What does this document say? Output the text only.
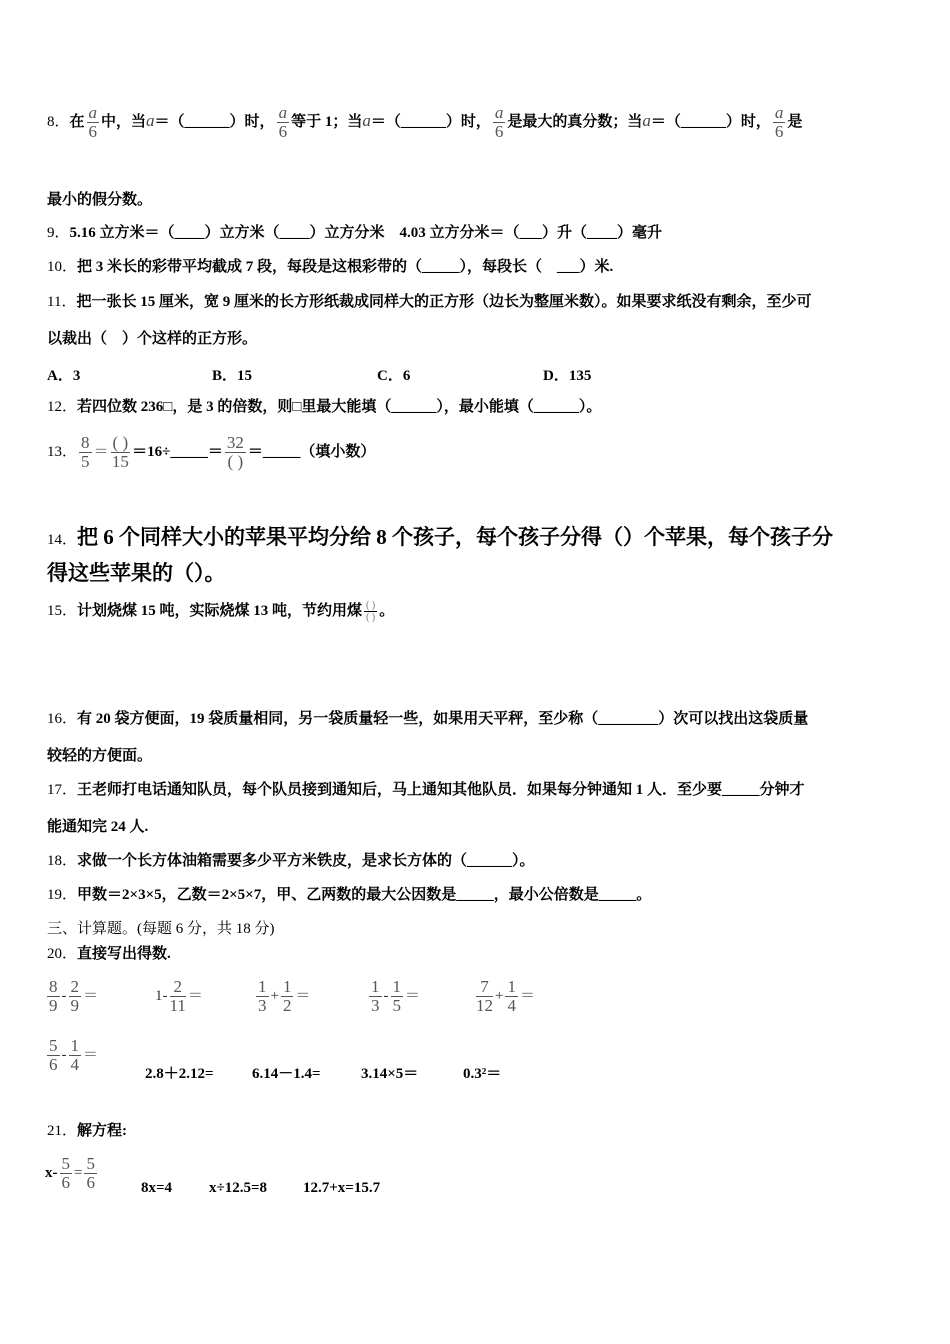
8．在 $\frac{a}{6}$ 中，当a＝（______）时， $\frac{a}{6}$ 等于 1；当a＝（______）时， $\frac{a}{6}$ 是最大的真分数；当a＝（______）时， $\frac{a}{6}$ 是
最小的假分数。
9．5.16 立方米＝（____）立方米（____）立方分米　4.03 立方分米＝（___）升（____）毫升
10．把 3 米长的彩带平均截成 7 段，每段是这根彩带的（_____），每段长（　___）米.
11．把一张长 15 厘米，宽 9 厘米的长方形纸裁成同样大的正方形（边长为整厘米数）。如果要求纸没有剩余，至少可
以裁出（　）个这样的正方形。
A．3	B．15	C．6	D．135
12．若四位数 236□，是 3 的倍数，则□里最大能填（______），最小能填（______）。
13． $\frac{8}{5}$ ＝ ( )
15
＝16÷_____＝ 32
( )
＝_____（填小数）
14．把 6 个同样大小的苹果平均分给 8 个孩子，每个孩子分得（）个苹果，每个孩子分
得这些苹果的（）。
15．计划烧煤 15 吨，实际烧煤 13 吨，节约用煤 ( )
( ) 。
16．有 20 袋方便面，19 袋质量相同，另一袋质量轻一些，如果用天平秤，至少称（________）次可以找出这袋质量
较轻的方便面。
17．王老师打电话通知队员，每个队员接到通知后，马上通知其他队员．如果每分钟通知 1 人．至少要_____分钟才
能通知完 24 人.
18．求做一个长方体油箱需要多少平方米铁皮，是求长方体的（______）。
19．甲数＝2×3×5，乙数＝2×5×7，甲、乙两数的最大公因数是_____，最小公倍数是_____。
三、计算题。(每题 6 分，共 18 分)
20．直接写出得数.
$\frac{8}{9} - \frac{2}{9}$ ＝	$1- \frac{2}{11}$ ＝	$\frac{1}{3} + \frac{1}{2}$ ＝	$\frac{1}{3} - \frac{1}{5}$ ＝	$\frac{7}{12} + \frac{1}{4}$ ＝
$\frac{5}{6} - \frac{1}{4}$ ＝
2.8＋2.12=	6.14－1.4=	3.14×5＝	0.3²＝
21．解方程:
$x- \frac{5}{6} = \frac{5}{6}$	8x=4 x÷12.5=8 12.7+x=15.7
